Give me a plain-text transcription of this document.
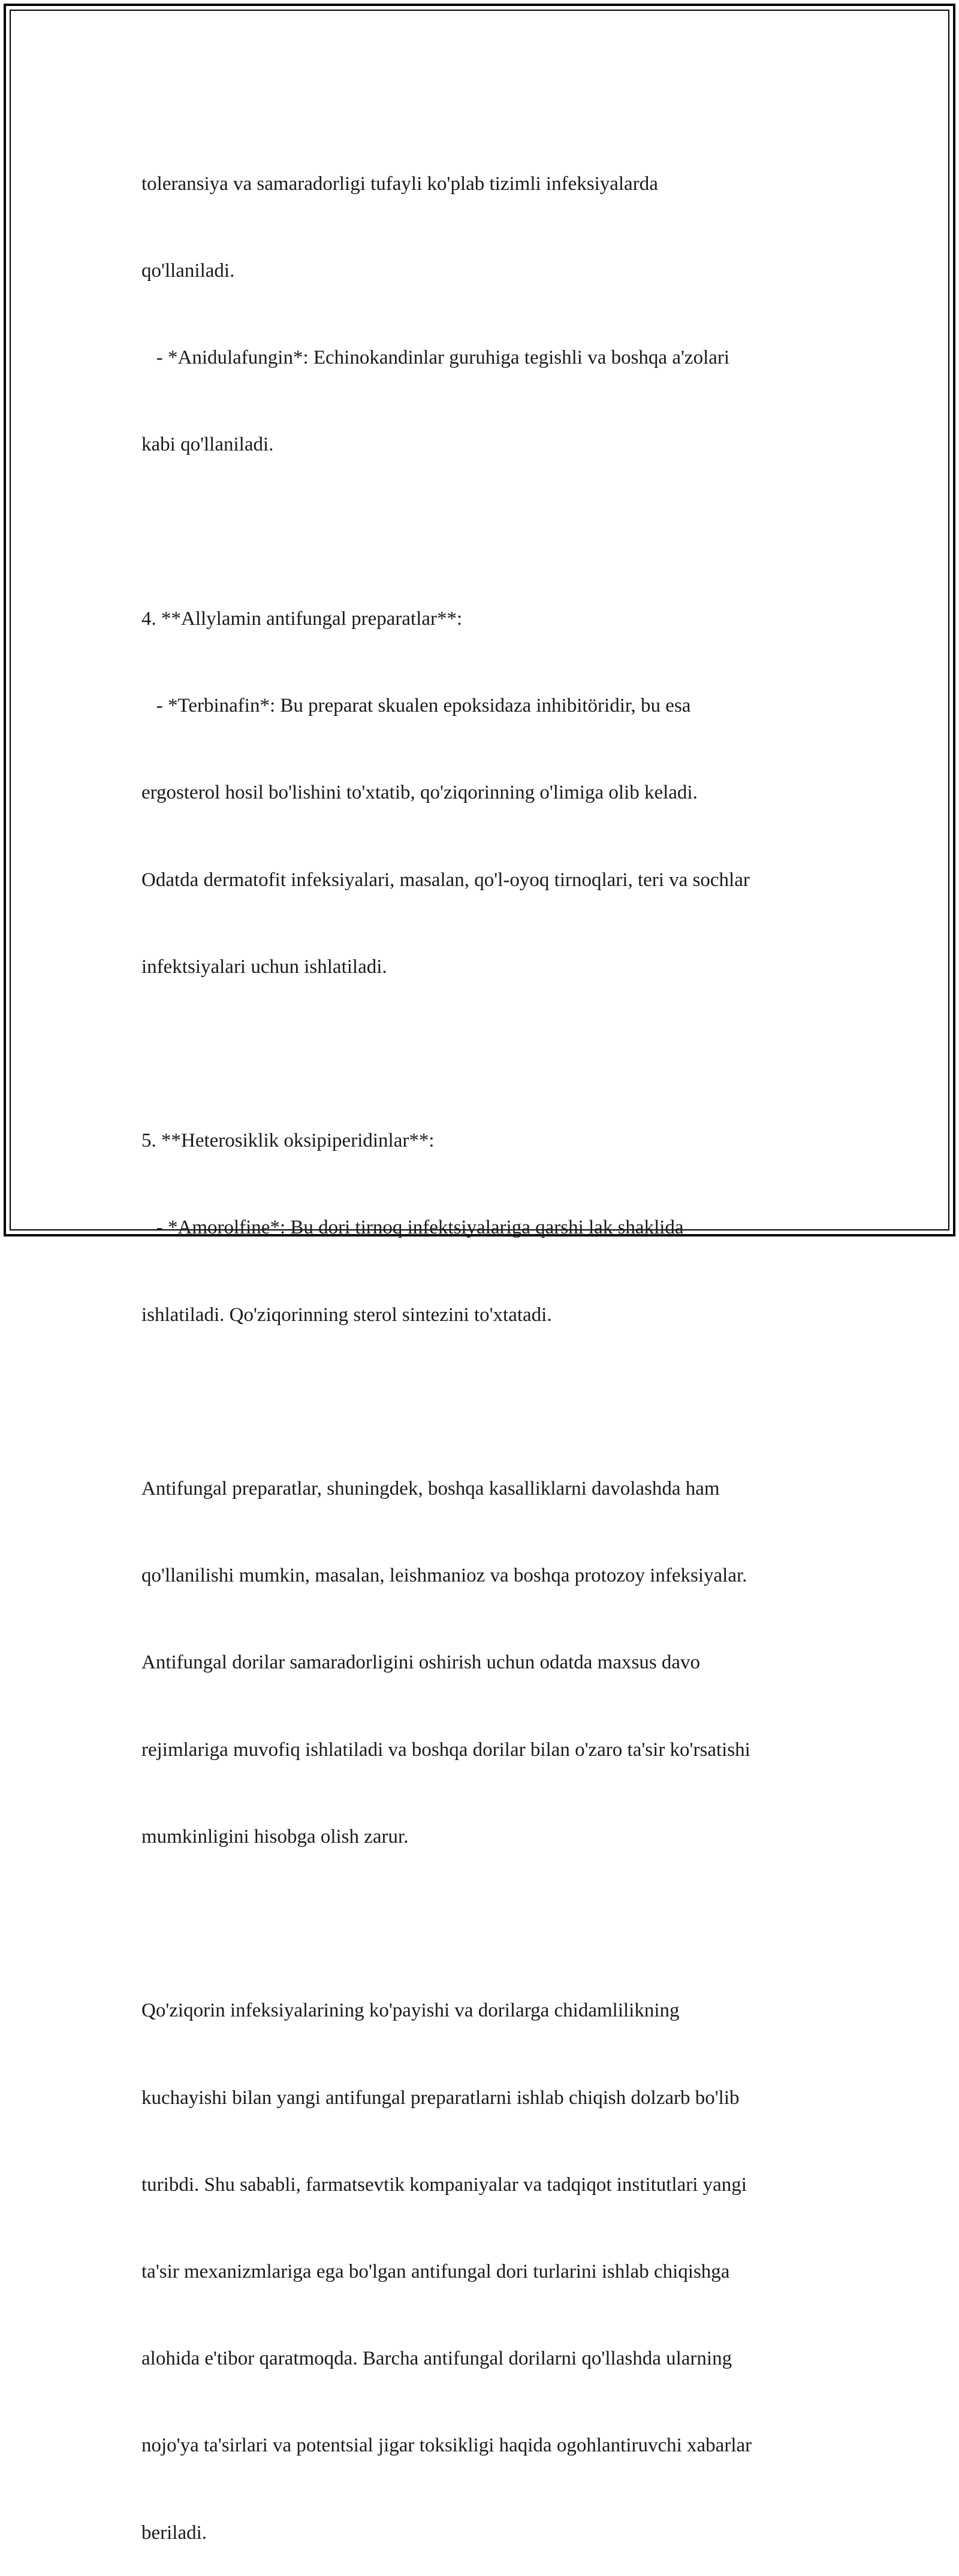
toleransiya va samaradorligi tufayli ko'plab tizimli infeksiyalarda

qo'llaniladi.

- *Anidulafungin*: Echinokandinlar guruhiga tegishli va boshqa a'zolari

kabi qo'llaniladi.

4. **Allylamin antifungal preparatlar**:

- *Terbinafin*: Bu preparat skualen epoksidaza inhibitöridir, bu esa

ergosterol hosil bo'lishini to'xtatib, qo'ziqorinning o'limiga olib keladi.

Odatda dermatofit infeksiyalari, masalan, qo'l-oyoq tirnoqlari, teri va sochlar

infektsiyalari uchun ishlatiladi.

5. **Heterosiklik oksipiperidinlar**:

- *Amorolfine*: Bu dori tirnoq infektsiyalariga qarshi lak shaklida

ishlatiladi. Qo'ziqorinning sterol sintezini to'xtatadi.

Antifungal preparatlar, shuningdek, boshqa kasalliklarni davolashda ham

qo'llanilishi mumkin, masalan, leishmanioz va boshqa protozoy infeksiyalar.

Antifungal dorilar samaradorligini oshirish uchun odatda maxsus davo

rejimlariga muvofiq ishlatiladi va boshqa dorilar bilan o'zaro ta'sir ko'rsatishi

mumkinligini hisobga olish zarur.

Qo'ziqorin infeksiyalarining ko'payishi va dorilarga chidamlilikning

kuchayishi bilan yangi antifungal preparatlarni ishlab chiqish dolzarb bo'lib

turibdi. Shu sababli, farmatsevtik kompaniyalar va tadqiqot institutlari yangi

ta'sir mexanizmlariga ega bo'lgan antifungal dori turlarini ishlab chiqishga

alohida e'tibor qaratmoqda. Barcha antifungal dorilarni qo'llashda ularning

nojo'ya ta'sirlari va potentsial jigar toksikligi haqida ogohlantiruvchi xabarlar

beriladi.
